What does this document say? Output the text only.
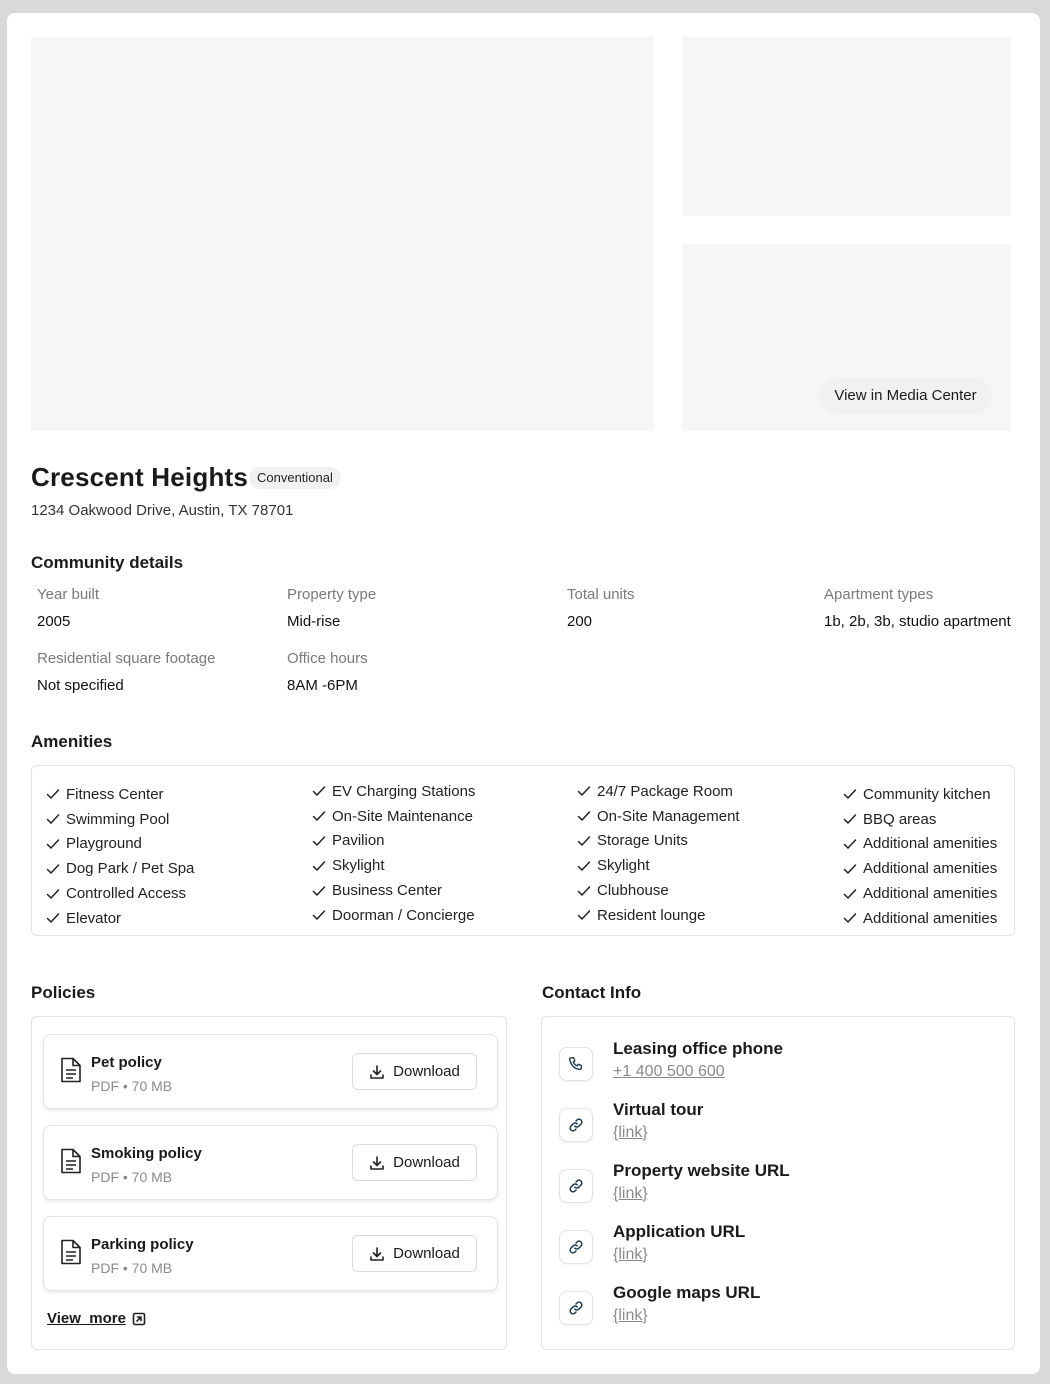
View in Media Center
Crescent Heights Conventional
1234 Oakwood Drive, Austin, TX 78701
Community details
Year built
2005
Property type
Mid-rise
Total units
200
Apartment types
1b, 2b, 3b, studio apartment
Residential square footage
Not specified
Office hours
8AM -6PM
Amenities
Fitness Center
Swimming Pool
Playground
Dog Park / Pet Spa
Controlled Access
Elevator
EV Charging Stations
On-Site Maintenance
Pavilion
Skylight
Business Center
Doorman / Concierge
24/7 Package Room
On-Site Management
Storage Units
Skylight
Clubhouse
Resident lounge
Community kitchen
BBQ areas
Additional amenities
Additional amenities
Additional amenities
Additional amenities
Policies
Pet policy
PDF • 70 MB
Download
Smoking policy
PDF • 70 MB
Download
Parking policy
PDF • 70 MB
Download
View  more
Contact Info
Leasing office phone
+1 400 500 600
Virtual tour
{link}
Property website URL
{link}
Application URL
{link}
Google maps URL
{link}
